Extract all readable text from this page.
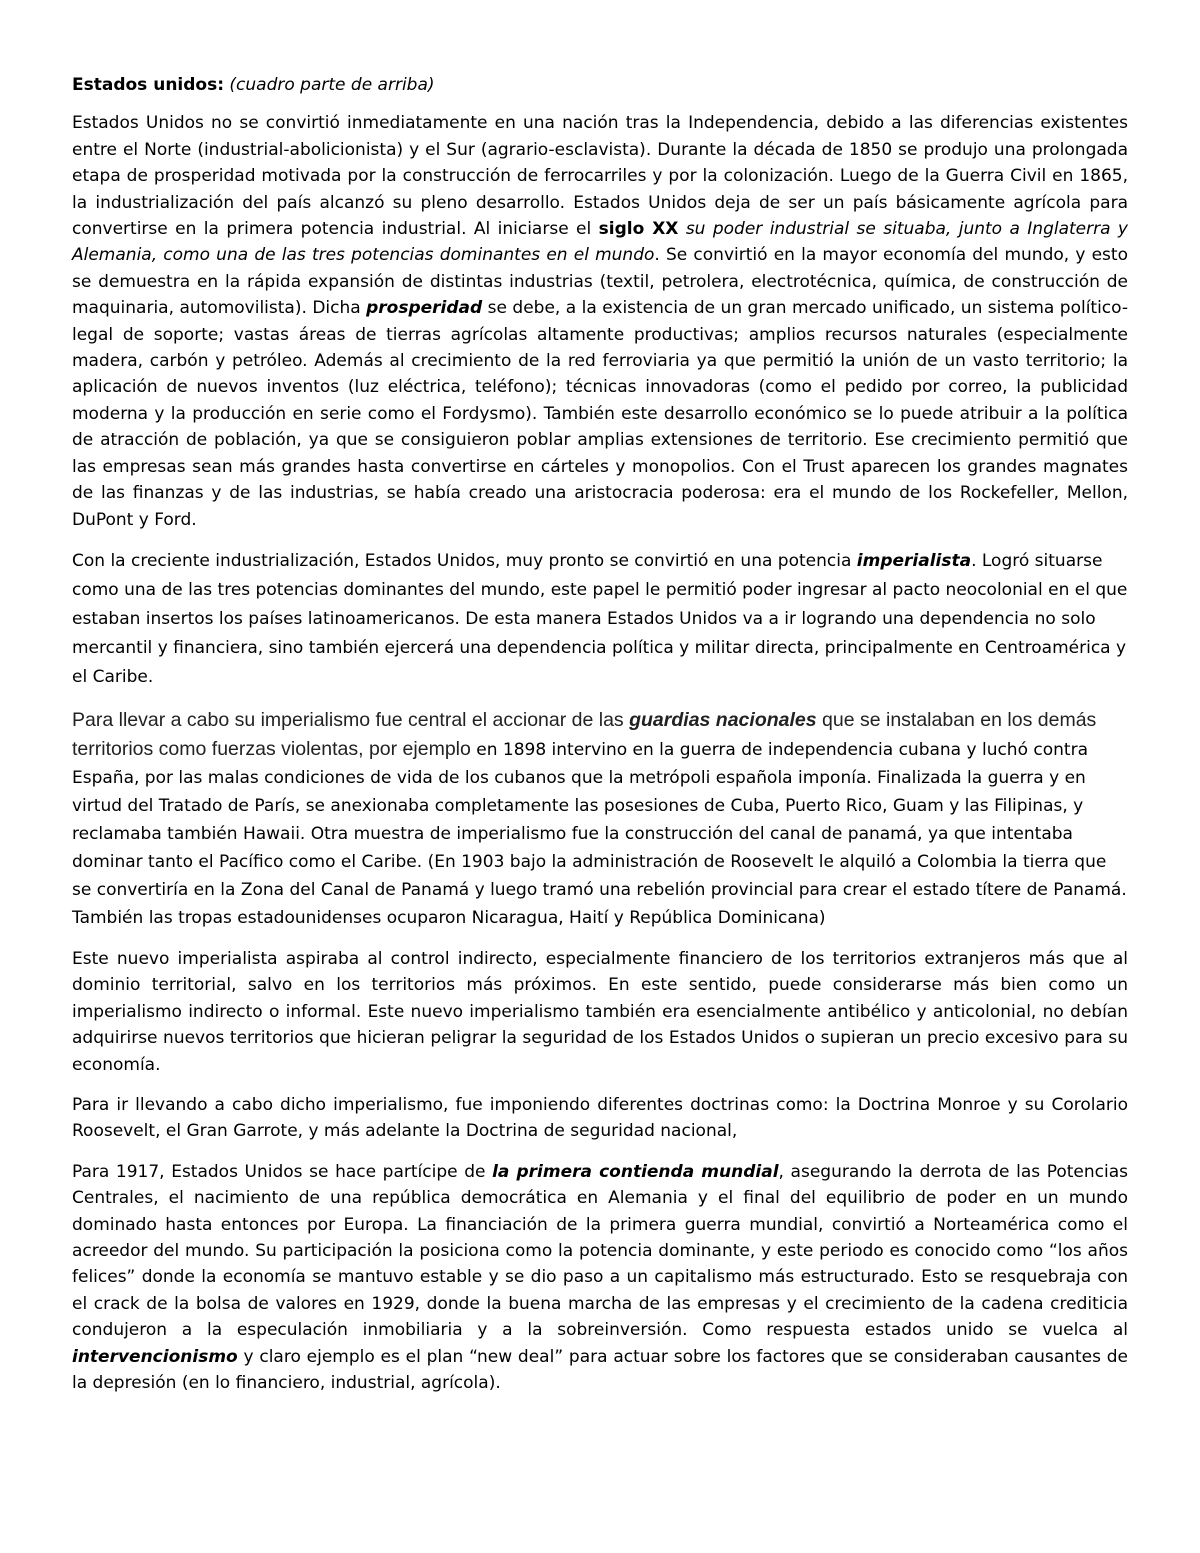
Estados unidos: (cuadro parte de arriba)

Estados Unidos no se convirtió inmediatamente en una nación tras la Independencia, debido a las diferencias existentes entre el Norte (industrial-abolicionista) y el Sur (agrario-esclavista). Durante la década de 1850 se produjo una prolongada etapa de prosperidad motivada por la construcción de ferrocarriles y por la colonización. Luego de la Guerra Civil en 1865, la industrialización del país alcanzó su pleno desarrollo. Estados Unidos deja de ser un país básicamente agrícola para convertirse en la primera potencia industrial. Al iniciarse el siglo XX su poder industrial se situaba, junto a Inglaterra y Alemania, como una de las tres potencias dominantes en el mundo. Se convirtió en la mayor economía del mundo, y esto se demuestra en la rápida expansión de distintas industrias (textil, petrolera, electrotécnica, química, de construcción de maquinaria, automovilista). Dicha prosperidad se debe, a la existencia de un gran mercado unificado, un sistema político-legal de soporte; vastas áreas de tierras agrícolas altamente productivas; amplios recursos naturales (especialmente madera, carbón y petróleo. Además al crecimiento de la red ferroviaria ya que permitió la unión de un vasto territorio; la aplicación de nuevos inventos (luz eléctrica, teléfono); técnicas innovadoras (como el pedido por correo, la publicidad moderna y la producción en serie como el Fordysmo). También este desarrollo económico se lo puede atribuir a la política de atracción de población, ya que se consiguieron poblar amplias extensiones de territorio. Ese crecimiento permitió que las empresas sean más grandes hasta convertirse en cárteles y monopolios. Con el Trust aparecen los grandes magnates de las finanzas y de las industrias, se había creado una aristocracia poderosa: era el mundo de los Rockefeller, Mellon, DuPont y Ford.

Con la creciente industrialización, Estados Unidos, muy pronto se convirtió en una potencia imperialista. Logró situarse como una de las tres potencias dominantes del mundo, este papel le permitió poder ingresar al pacto neocolonial en el que estaban insertos los países latinoamericanos. De esta manera Estados Unidos va a ir logrando una dependencia no solo mercantil y financiera, sino también ejercerá una dependencia política y militar directa, principalmente en Centroamérica y el Caribe.

Para llevar a cabo su imperialismo fue central el accionar de las guardias nacionales que se instalaban en los demás territorios como fuerzas violentas, por ejemplo en 1898 intervino en la guerra de independencia cubana y luchó contra España, por las malas condiciones de vida de los cubanos que la metrópoli española imponía. Finalizada la guerra y en virtud del Tratado de París, se anexionaba completamente las posesiones de Cuba, Puerto Rico, Guam y las Filipinas, y reclamaba también Hawaii. Otra muestra de imperialismo fue la construcción del canal de panamá, ya que intentaba dominar tanto el Pacífico como el Caribe. (En 1903 bajo la administración de Roosevelt le alquiló a Colombia la tierra que se convertiría en la Zona del Canal de Panamá y luego tramó una rebelión provincial para crear el estado títere de Panamá. También las tropas estadounidenses ocuparon Nicaragua, Haití y República Dominicana)

Este nuevo imperialista aspiraba al control indirecto, especialmente financiero de los territorios extranjeros más que al dominio territorial, salvo en los territorios más próximos. En este sentido, puede considerarse más bien como un imperialismo indirecto o informal. Este nuevo imperialismo también era esencialmente antibélico y anticolonial, no debían adquirirse nuevos territorios que hicieran peligrar la seguridad de los Estados Unidos o supieran un precio excesivo para su economía.

Para ir llevando a cabo dicho imperialismo, fue imponiendo diferentes doctrinas como: la Doctrina Monroe y su Corolario Roosevelt, el Gran Garrote, y más adelante la Doctrina de seguridad nacional,

Para 1917, Estados Unidos se hace partícipe de la primera contienda mundial, asegurando la derrota de las Potencias Centrales, el nacimiento de una república democrática en Alemania y el final del equilibrio de poder en un mundo dominado hasta entonces por Europa. La financiación de la primera guerra mundial, convirtió a Norteamérica como el acreedor del mundo. Su participación la posiciona como la potencia dominante, y este periodo es conocido como “los años felices” donde la economía se mantuvo estable y se dio paso a un capitalismo más estructurado. Esto se resquebraja con el crack de la bolsa de valores en 1929, donde la buena marcha de las empresas y el crecimiento de la cadena crediticia condujeron a la especulación inmobiliaria y a la sobreinversión. Como respuesta estados unido se vuelca al intervencionismo y claro ejemplo es el plan “new deal” para actuar sobre los factores que se consideraban causantes de la depresión (en lo financiero, industrial, agrícola).
